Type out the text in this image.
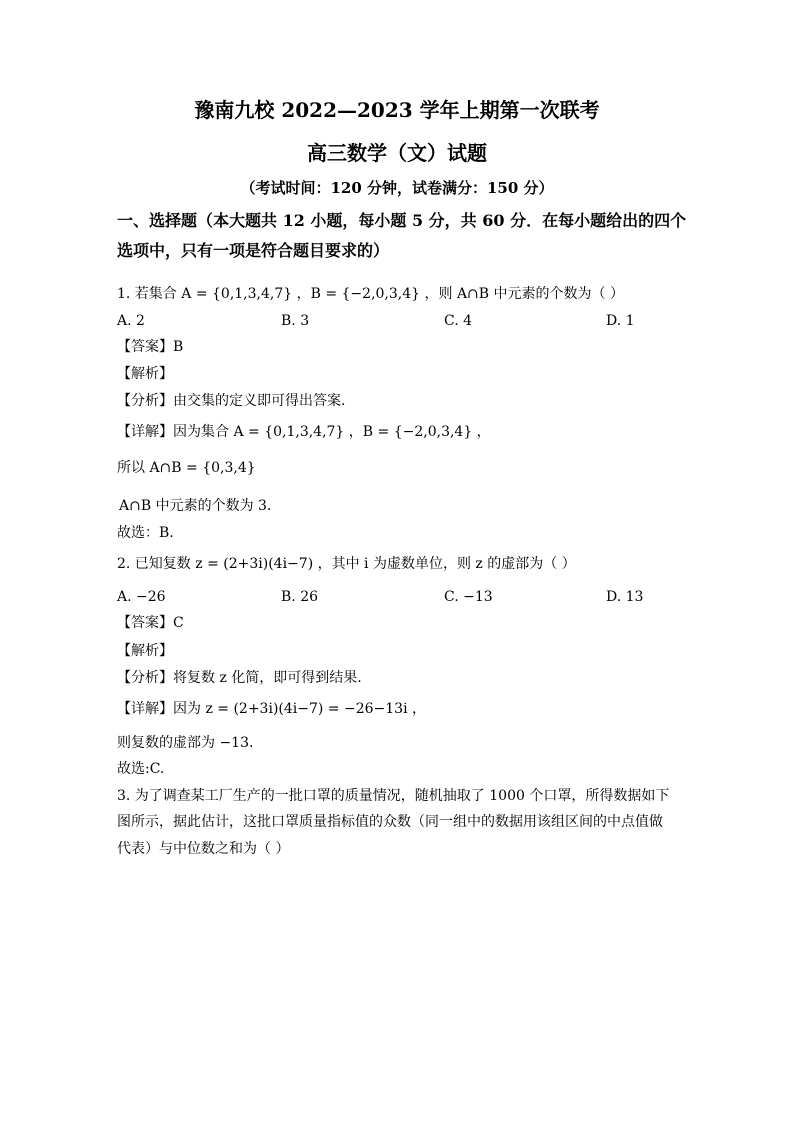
豫南九校 2022—2023 学年上期第一次联考
高三数学（文）试题
（考试时间：120 分钟，试卷满分：150 分）
一、选择题（本大题共 12 小题，每小题 5 分，共 60 分．在每小题给出的四个
选项中，只有一项是符合题目要求的）
1. 若集合 A = {0,1,3,4,7} ，B = {−2,0,3,4} ，则 A∩B 中元素的个数为（ ）
A. 2	B. 3	C. 4	D. 1
【答案】B
【解析】
【分析】由交集的定义即可得出答案.
【详解】因为集合 A = {0,1,3,4,7} ，B = {−2,0,3,4} ，
所以 A∩B = {0,3,4}
A∩B 中元素的个数为 3.
故选：B.
2. 已知复数 z = (2+3i)(4i−7) ，其中 i 为虚数单位，则 z 的虚部为（ ）
A. −26	B. 26	C. −13	D. 13
【答案】C
【解析】
【分析】将复数 z 化简，即可得到结果.
【详解】因为 z = (2+3i)(4i−7) = −26−13i ，
则复数的虚部为 −13.
故选:C.
3. 为了调查某工厂生产的一批口罩的质量情况，随机抽取了 1000 个口罩，所得数据如下
图所示，据此估计，这批口罩质量指标值的众数（同一组中的数据用该组区间的中点值做
代表）与中位数之和为（ ）
